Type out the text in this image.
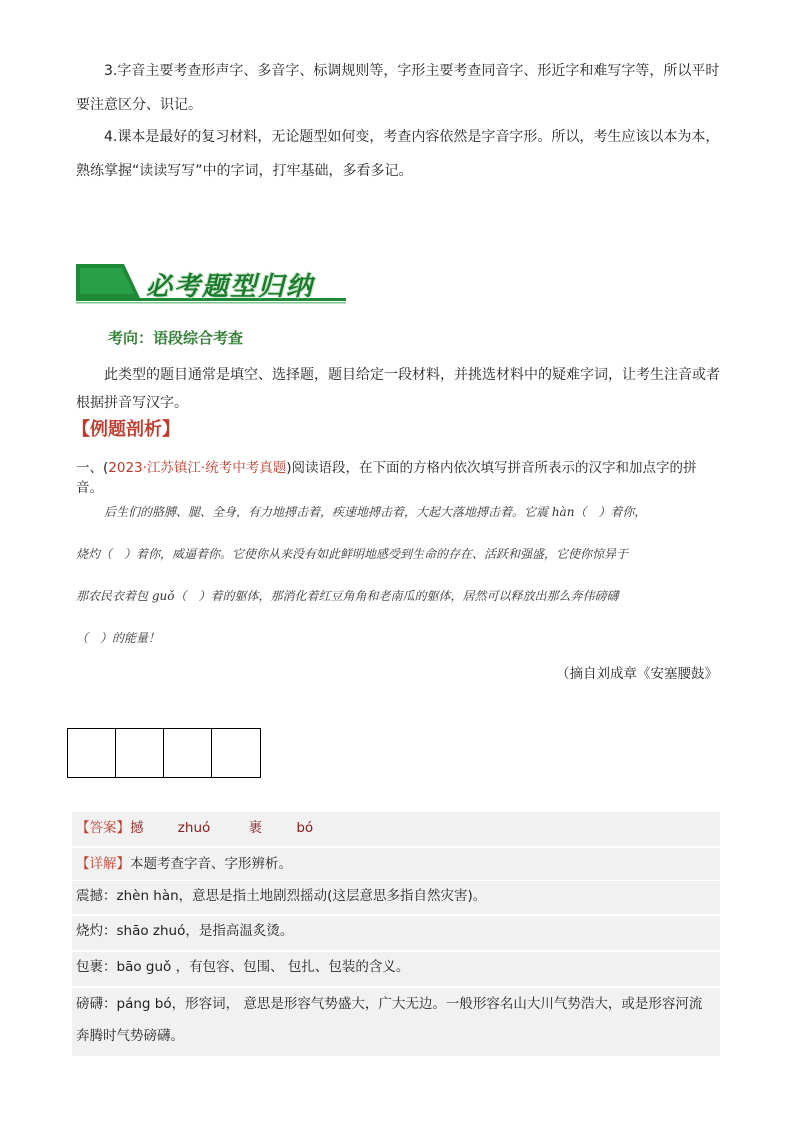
3.字音主要考查形声字、多音字、标调规则等，字形主要考查同音字、形近字和难写字等，所以平时
要注意区分、识记。
4.课本是最好的复习材料，无论题型如何变，考查内容依然是字音字形。所以，考生应该以本为本，
熟练掌握“读读写写”中的字词，打牢基础，多看多记。
必考题型归纳
考向：语段综合考查
此类型的题目通常是填空、选择题，题目给定一段材料，并挑选材料中的疑难字词，让考生注音或者
根据拼音写汉字。
【例题剖析】
一、(2023·江苏镇江·统考中考真题)阅读语段，在下面的方格内依次填写拼音所表示的汉字和加点字的拼
音。
后生们的胳膊、腿、全身，有力地搏击着，疾速地搏击着，大起大落地搏击着。它震 hàn（　）着你，
烧灼（　）着你，威逼着你。它使你从来没有如此鲜明地感受到生命的存在、活跃和强盛，它使你惊异于
那农民衣着包 guǒ（　）着的躯体，那消化着红豆角角和老南瓜的躯体，居然可以释放出那么奔伟磅礴
（　）的能量！
（摘自刘成章《安塞腰鼓》
【答案】撼	zhuó	裹	bó
【详解】本题考查字音、字形辨析。
震撼：zhèn hàn，意思是指土地剧烈摇动(这层意思多指自然灾害)。
烧灼：shāo zhuó，是指高温炙烫。
包裹：bāo guǒ ，有包容、包围、 包扎、包装的含义。
磅礴：páng bó，形容词， 意思是形容气势盛大，广大无边。一般形容名山大川气势浩大，或是形容河流
奔腾时气势磅礴。
